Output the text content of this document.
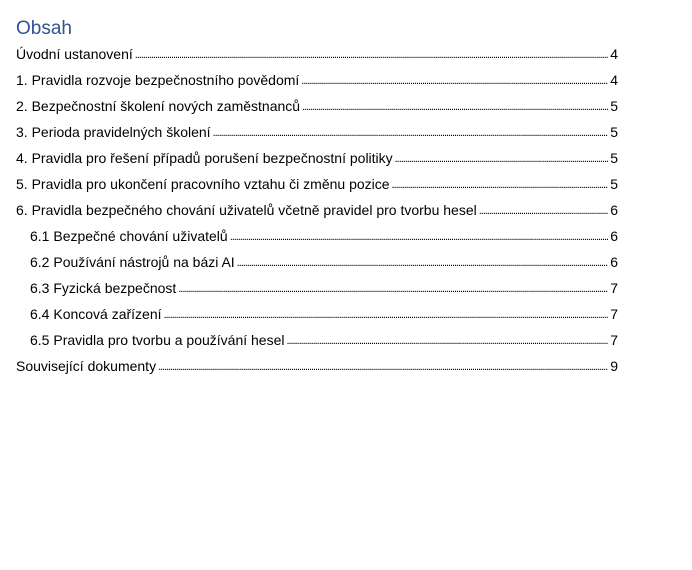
Obsah
Úvodní ustanovení . . .	4
1. Pravidla rozvoje bezpečnostního povědomí . . .	4
2. Bezpečnostní školení nových zaměstnanců . . .	5
3. Perioda pravidelných školení . . .	5
4. Pravidla pro řešení případů porušení bezpečnostní politiky . . .	5
5. Pravidla pro ukončení pracovního vztahu či změnu pozice . . .	5
6. Pravidla bezpečného chování uživatelů včetně pravidel pro tvorbu hesel . . .	6
6.1 Bezpečné chování uživatelů . . .	6
6.2 Používání nástrojů na bázi AI . . .	6
6.3 Fyzická bezpečnost . . .	7
6.4 Koncová zařízení . . .	7
6.5 Pravidla pro tvorbu a používání hesel . . .	7
Související dokumenty . . .	9
